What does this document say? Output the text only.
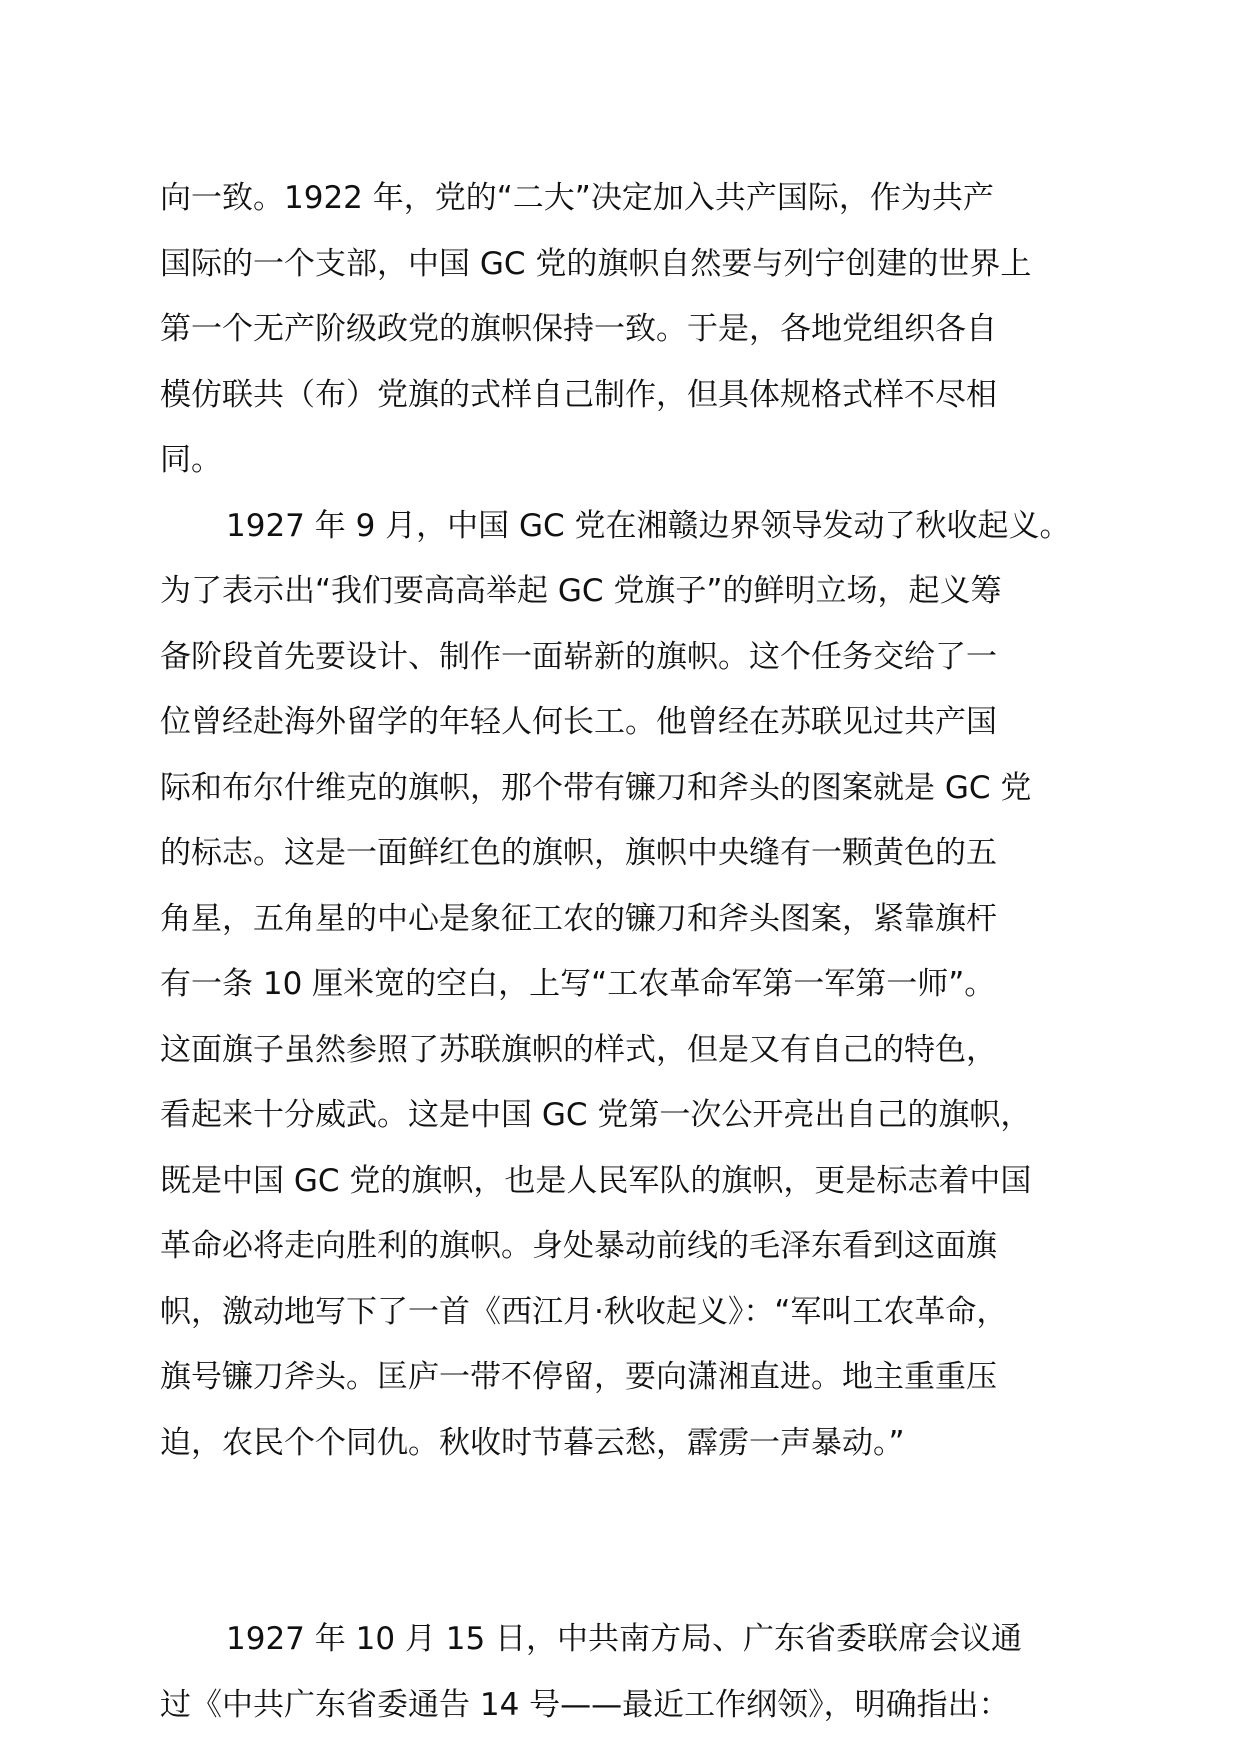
向一致。1922 年，党的“二大”决定加入共产国际，作为共产
国际的一个支部，中国 GC 党的旗帜自然要与列宁创建的世界上
第一个无产阶级政党的旗帜保持一致。于是，各地党组织各自
模仿联共（布）党旗的式样自己制作，但具体规格式样不尽相
同。
1927 年 9 月，中国 GC 党在湘赣边界领导发动了秋收起义。
为了表示出“我们要高高举起 GC 党旗子”的鲜明立场，起义筹
备阶段首先要设计、制作一面崭新的旗帜。这个任务交给了一
位曾经赴海外留学的年轻人何长工。他曾经在苏联见过共产国
际和布尔什维克的旗帜，那个带有镰刀和斧头的图案就是 GC 党
的标志。这是一面鲜红色的旗帜，旗帜中央缝有一颗黄色的五
角星，五角星的中心是象征工农的镰刀和斧头图案，紧靠旗杆
有一条 10 厘米宽的空白，上写“工农革命军第一军第一师”。
这面旗子虽然参照了苏联旗帜的样式，但是又有自己的特色，
看起来十分威武。这是中国 GC 党第一次公开亮出自己的旗帜，
既是中国 GC 党的旗帜，也是人民军队的旗帜，更是标志着中国
革命必将走向胜利的旗帜。身处暴动前线的毛泽东看到这面旗
帜，激动地写下了一首《西江月·秋收起义》：“军叫工农革命，
旗号镰刀斧头。匡庐一带不停留，要向潇湘直进。地主重重压
迫，农民个个同仇。秋收时节暮云愁，霹雳一声暴动。”
1927 年 10 月 15 日，中共南方局、广东省委联席会议通
过《中共广东省委通告 14 号——最近工作纲领》，明确指出：
